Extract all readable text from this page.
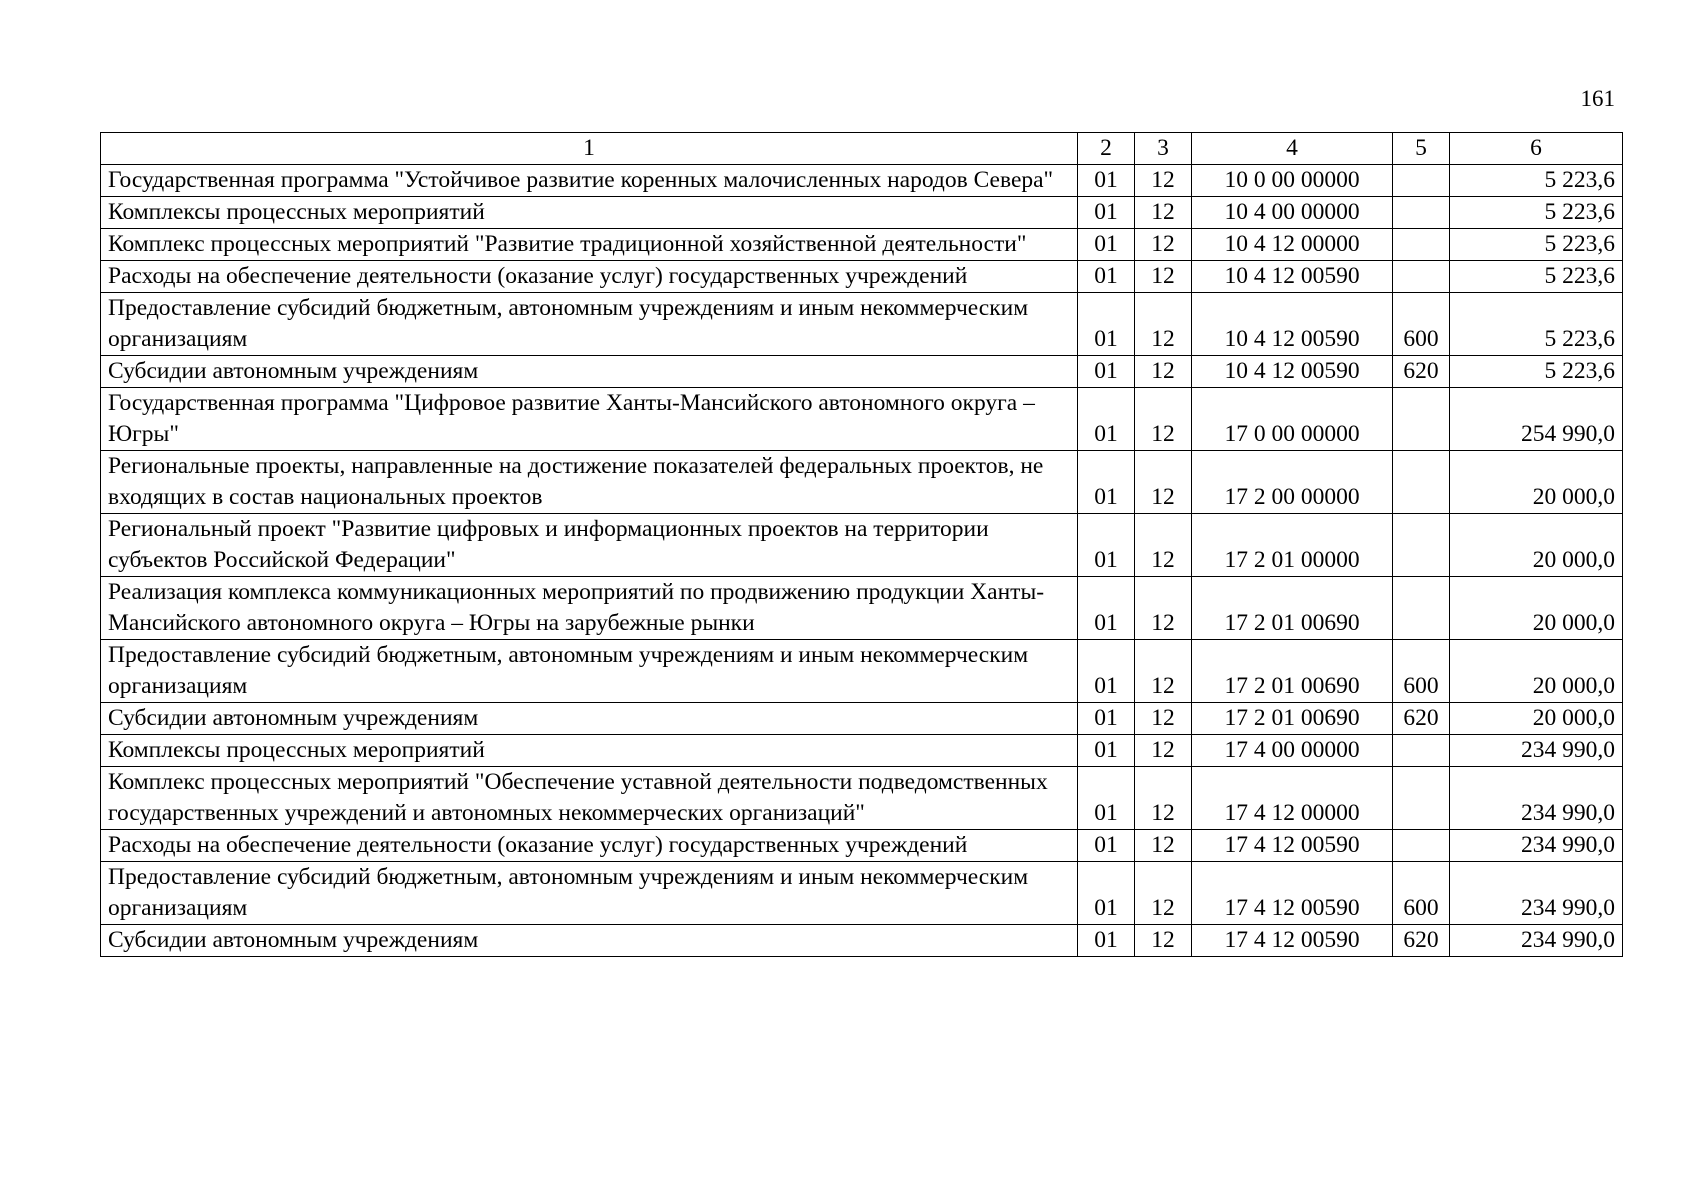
161
1	2	3	4	5	6
Государственная программа "Устойчивое развитие коренных малочисленных народов Севера"	01	12	10 0 00 00000		5 223,6
Комплексы процессных мероприятий	01	12	10 4 00 00000		5 223,6
Комплекс процессных мероприятий "Развитие традиционной хозяйственной деятельности"	01	12	10 4 12 00000		5 223,6
Расходы на обеспечение деятельности (оказание услуг) государственных учреждений	01	12	10 4 12 00590		5 223,6
Предоставление субсидий бюджетным, автономным учреждениям и иным некоммерческим организациям	01	12	10 4 12 00590	600	5 223,6
Субсидии автономным учреждениям	01	12	10 4 12 00590	620	5 223,6
Государственная программа "Цифровое развитие Ханты-Мансийского автономного округа – Югры"	01	12	17 0 00 00000		254 990,0
Региональные проекты, направленные на достижение показателей федеральных проектов, не входящих в состав национальных проектов	01	12	17 2 00 00000		20 000,0
Региональный проект "Развитие цифровых и информационных проектов на территории субъектов Российской Федерации"	01	12	17 2 01 00000		20 000,0
Реализация комплекса коммуникационных мероприятий по продвижению продукции Ханты-Мансийского автономного округа – Югры на зарубежные рынки	01	12	17 2 01 00690		20 000,0
Предоставление субсидий бюджетным, автономным учреждениям и иным некоммерческим организациям	01	12	17 2 01 00690	600	20 000,0
Субсидии автономным учреждениям	01	12	17 2 01 00690	620	20 000,0
Комплексы процессных мероприятий	01	12	17 4 00 00000		234 990,0
Комплекс процессных мероприятий "Обеспечение уставной деятельности подведомственных государственных учреждений и автономных некоммерческих организаций"	01	12	17 4 12 00000		234 990,0
Расходы на обеспечение деятельности (оказание услуг) государственных учреждений	01	12	17 4 12 00590		234 990,0
Предоставление субсидий бюджетным, автономным учреждениям и иным некоммерческим организациям	01	12	17 4 12 00590	600	234 990,0
Субсидии автономным учреждениям	01	12	17 4 12 00590	620	234 990,0
